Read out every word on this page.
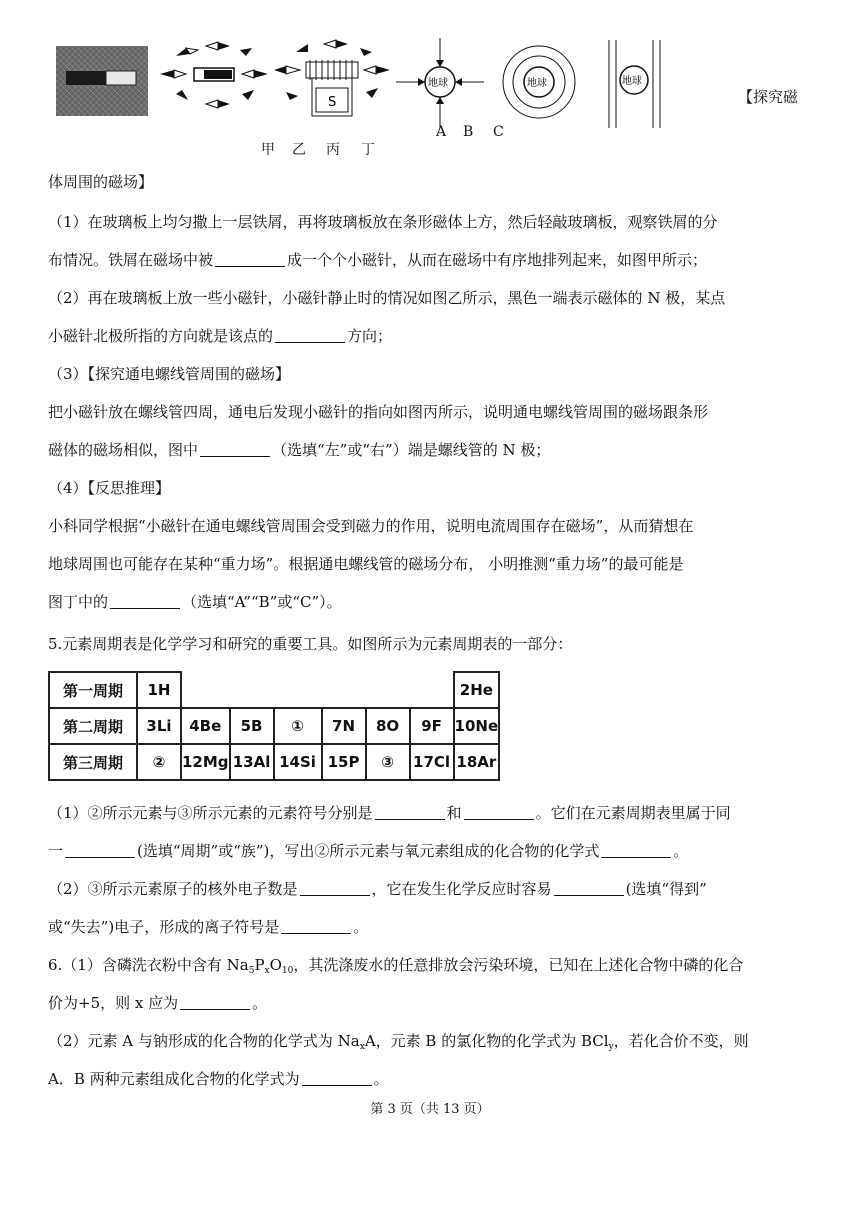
S
地球	地球	地球
甲 乙 丙 丁
A B C
【探究磁
体周围的磁场】
（1）在玻璃板上均匀撒上一层铁屑，再将玻璃板放在条形磁体上方，然后轻敲玻璃板，观察铁屑的分
布情况。铁屑在磁场中被	成一个个小磁针，从而在磁场中有序地排列起来，如图甲所示；
（2）再在玻璃板上放一些小磁针，小磁针静止时的情况如图乙所示，黑色一端表示磁体的 N 极，某点
小磁针北极所指的方向就是该点的	方向；
（3）【探究通电螺线管周围的磁场】
把小磁针放在螺线管四周，通电后发现小磁针的指向如图丙所示，说明通电螺线管周围的磁场跟条形
磁体的磁场相似，图中	（选填“左”或“右”）端是螺线管的 N 极；
（4）【反思推理】
小科同学根据“小磁针在通电螺线管周围会受到磁力的作用，说明电流周围存在磁场”，从而猜想在
地球周围也可能存在某种“重力场”。根据通电螺线管的磁场分布， 小明推测“重力场”的最可能是
图丁中的	（选填“A”“B”或“C”）。
5.元素周期表是化学学习和研究的重要工具。如图所示为元素周期表的一部分：
第一周期	1H							2He
第二周期	3Li	4Be	5B	①	7N	8O	9F	10Ne
第三周期	②	12Mg	13Al	14Si	15P	③	17Cl	18Ar
（1）②所示元素与③所示元素的元素符号分别是	和	。它们在元素周期表里属于同
一	(选填“周期”或“族”)，写出②所示元素与氧元素组成的化合物的化学式	。
（2）③所示元素原子的核外电子数是	，它在发生化学反应时容易	(选填“得到”
或“失去”)电子，形成的离子符号是	。
6.（1）含磷洗衣粉中含有 $Na_5P_xO_{10}$，其洗涤废水的任意排放会污染环境，已知在上述化合物中磷的化合
价为+5，则 x 应为	。
（2）元素 A 与钠形成的化合物的化学式为 $Na_xA$，元素 B 的氯化物的化学式为 BCl$_y$，若化合价不变，则
A．B 两种元素组成化合物的化学式为	。
第 3 页（共 13 页）
